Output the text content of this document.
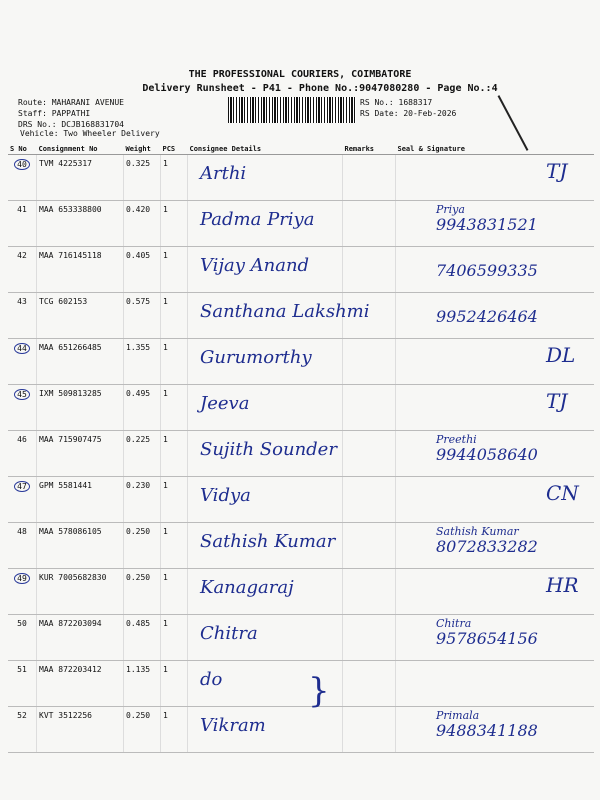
THE PROFESSIONAL COURIERS, COIMBATORE
Delivery Runsheet - P41 - Phone No.:9047080280 - Page No.:4
Route: MAHARANI AVENUE
Staff: PAPPATHI
DRS No.: DCJB168831704
RS No.: 1688317
RS Date: 20-Feb-2026
Vehicle: Two Wheeler Delivery
S No	Consignment No	Weight	PCS	Consignee Details	Remarks	Seal & Signature
40	TVM 4225317	0.325	1	Arthi		TJ

41	MAA 653338800	0.420	1	Padma Priya		Priya
9943831521

42	MAA 716145118	0.405	1	Vijay Anand		7406599335

43	TCG 602153	0.575	1	Santhana Lakshmi		9952426464

44	MAA 651266485	1.355	1	Gurumorthy		DL

45	IXM 509813285	0.495	1	Jeeva		TJ

46	MAA 715907475	0.225	1	Sujith Sounder		Preethi
9944058640

47	GPM 5581441	0.230	1	Vidya		CN

48	MAA 578086105	0.250	1	Sathish Kumar		Sathish Kumar
8072833282

49	KUR 7005682830	0.250	1	Kanagaraj		HR

50	MAA 872203094	0.485	1	Chitra		Chitra
9578654156

51	MAA 872203412	1.135	1	do }		

52	KVT 3512256	0.250	1	Vikram		Primala
9488341188
